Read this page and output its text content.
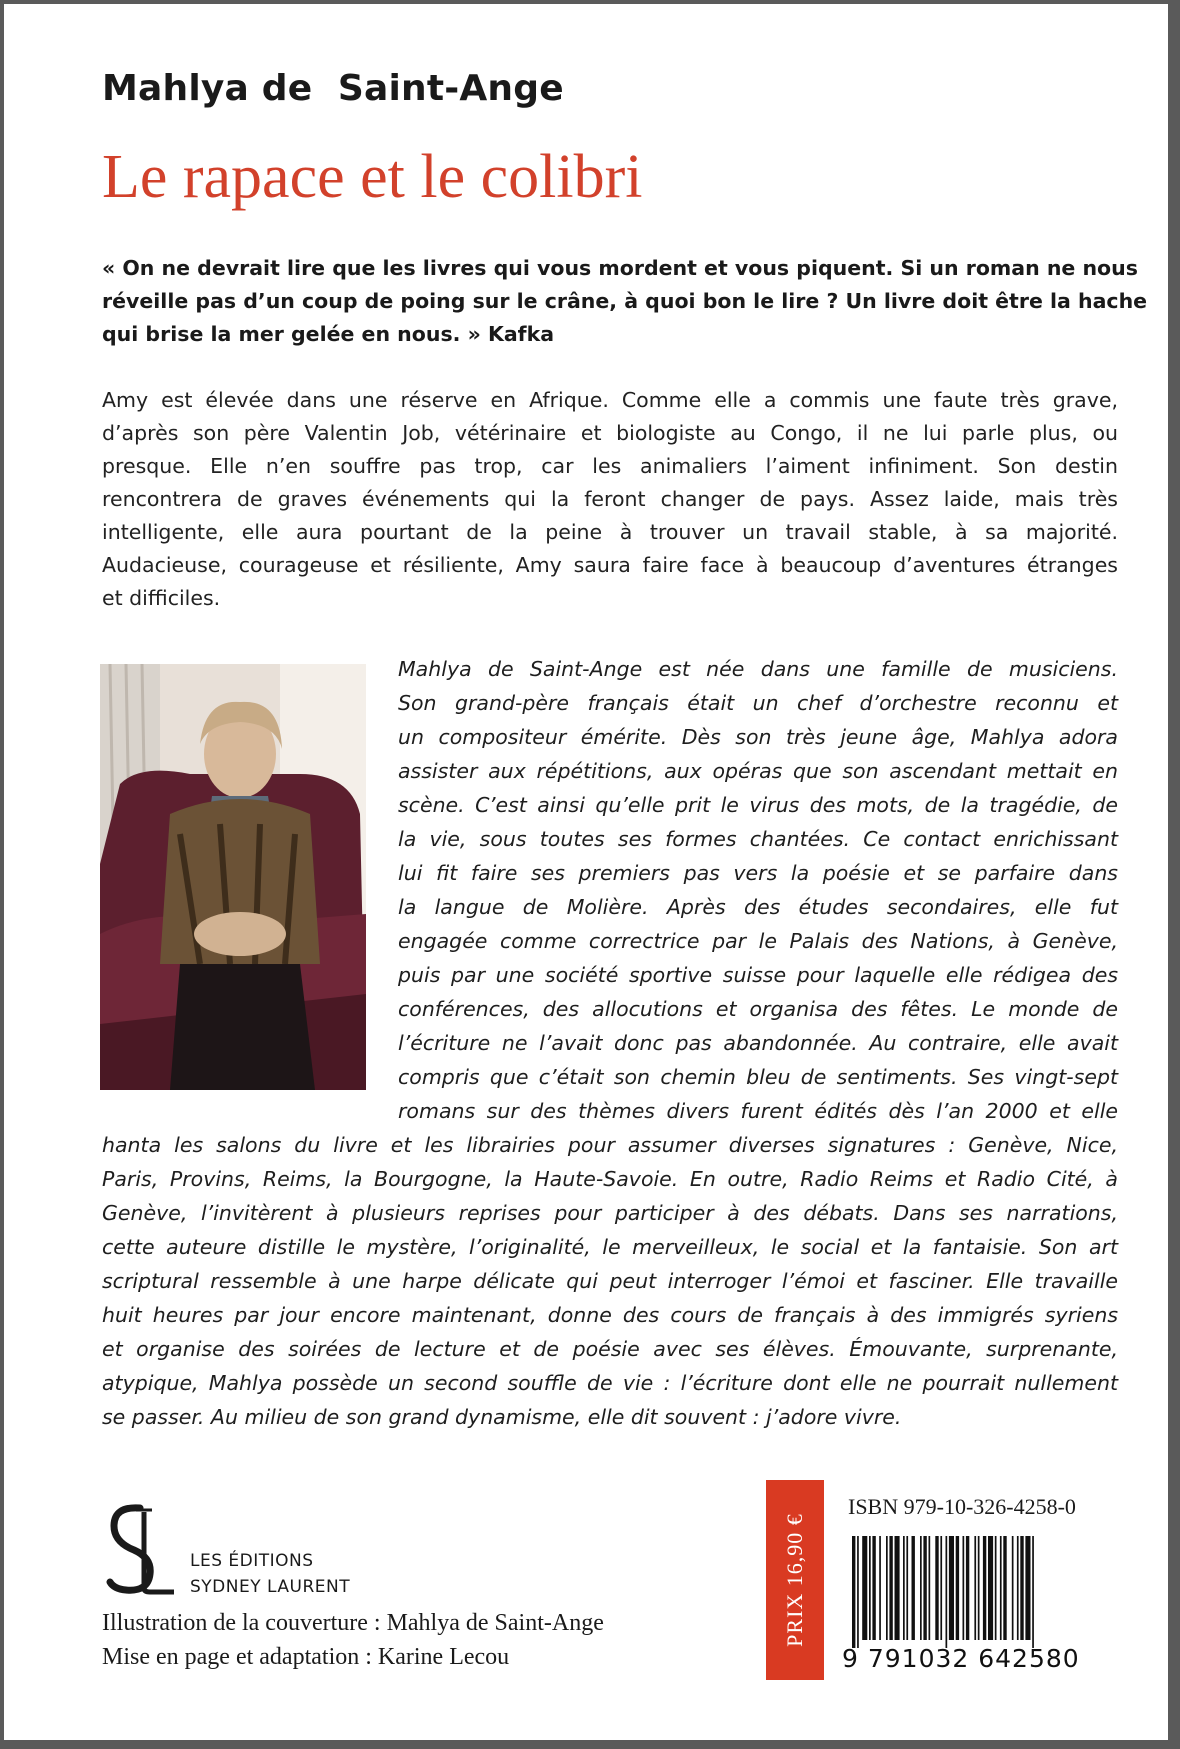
Mahlya de  Saint-Ange
Le rapace et le colibri
« On ne devrait lire que les livres qui vous mordent et vous piquent. Si un roman ne nous
réveille pas d’un coup de poing sur le crâne, à quoi bon le lire ? Un livre doit être la hache
qui brise la mer gelée en nous. » Kafka
Amy est élevée dans une réserve en Afrique. Comme elle a commis une faute très grave,
d’après son père Valentin Job, vétérinaire et biologiste au Congo, il ne lui parle plus, ou
presque. Elle n’en souffre pas trop, car les animaliers l’aiment infiniment. Son destin
rencontrera de graves événements qui la feront changer de pays. Assez laide, mais très
intelligente, elle aura pourtant de la peine à trouver un travail stable, à sa majorité.
Audacieuse, courageuse et résiliente, Amy saura faire face à beaucoup d’aventures étranges
et difficiles.
Mahlya de Saint-Ange est née dans une famille de musiciens.
Son grand-père français était un chef d’orchestre reconnu et
un compositeur émérite. Dès son très jeune âge, Mahlya adora
assister aux répétitions, aux opéras que son ascendant mettait en
scène. C’est ainsi qu’elle prit le virus des mots, de la tragédie, de
la vie, sous toutes ses formes chantées. Ce contact enrichissant
lui fit faire ses premiers pas vers la poésie et se parfaire dans
la langue de Molière. Après des études secondaires, elle fut
engagée comme correctrice par le Palais des Nations, à Genève,
puis par une société sportive suisse pour laquelle elle rédigea des
conférences, des allocutions et organisa des fêtes. Le monde de
l’écriture ne l’avait donc pas abandonnée. Au contraire, elle avait
compris que c’était son chemin bleu de sentiments. Ses vingt-sept
romans sur des thèmes divers furent édités dès l’an 2000 et elle
hanta les salons du livre et les librairies pour assumer diverses signatures : Genève, Nice,
Paris, Provins, Reims, la Bourgogne, la Haute-Savoie. En outre, Radio Reims et Radio Cité, à
Genève, l’invitèrent à plusieurs reprises pour participer à des débats. Dans ses narrations,
cette auteure distille le mystère, l’originalité, le merveilleux, le social et la fantaisie. Son art
scriptural ressemble à une harpe délicate qui peut interroger l’émoi et fasciner. Elle travaille
huit heures par jour encore maintenant, donne des cours de français à des immigrés syriens
et organise des soirées de lecture et de poésie avec ses élèves. Émouvante, surprenante,
atypique, Mahlya possède un second souffle de vie : l’écriture dont elle ne pourrait nullement
se passer. Au milieu de son grand dynamisme, elle dit souvent : j’adore vivre.
LES ÉDITIONS
SYDNEY LAURENT
Illustration de la couverture : Mahlya de Saint-Ange
Mise en page et adaptation : Karine Lecou
PRIX 16,90 €
ISBN 979-10-326-4258-0
9 791032 642580
